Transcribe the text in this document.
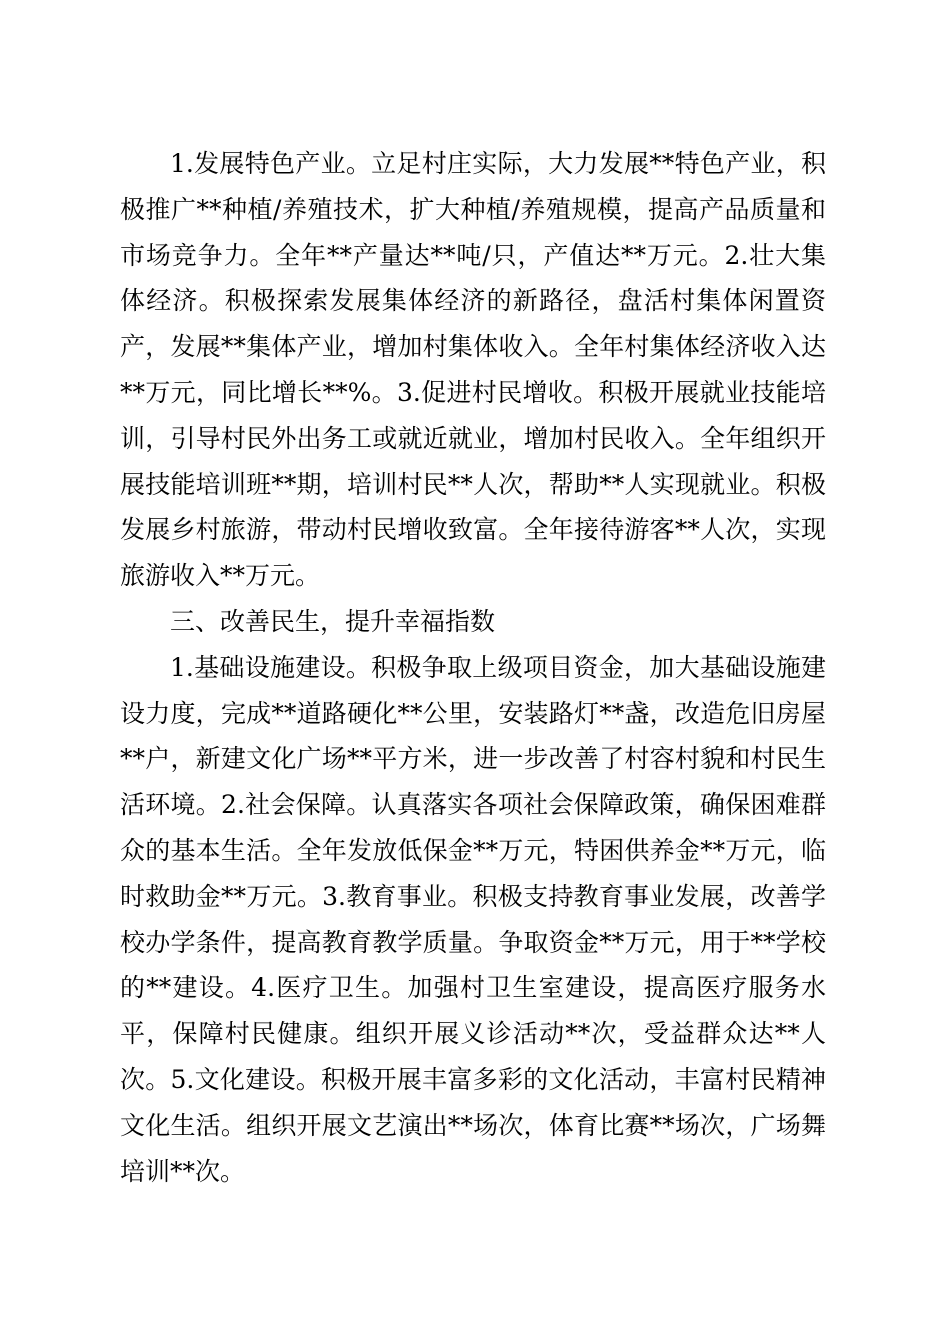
1.发展特色产业。立足村庄实际，大力发展**特色产业，积极推广**种植/养殖技术，扩大种植/养殖规模，提高产品质量和市场竞争力。全年**产量达**吨/只，产值达**万元。2.壮大集体经济。积极探索发展集体经济的新路径，盘活村集体闲置资产，发展**集体产业，增加村集体收入。全年村集体经济收入达**万元，同比增长**%。3.促进村民增收。积极开展就业技能培训，引导村民外出务工或就近就业，增加村民收入。全年组织开展技能培训班**期，培训村民**人次，帮助**人实现就业。积极发展乡村旅游，带动村民增收致富。全年接待游客**人次，实现旅游收入**万元。

三、改善民生，提升幸福指数

1.基础设施建设。积极争取上级项目资金，加大基础设施建设力度，完成**道路硬化**公里，安装路灯**盏，改造危旧房屋**户，新建文化广场**平方米，进一步改善了村容村貌和村民生活环境。2.社会保障。认真落实各项社会保障政策，确保困难群众的基本生活。全年发放低保金**万元，特困供养金**万元，临时救助金**万元。3.教育事业。积极支持教育事业发展，改善学校办学条件，提高教育教学质量。争取资金**万元，用于**学校的**建设。4.医疗卫生。加强村卫生室建设，提高医疗服务水平，保障村民健康。组织开展义诊活动**次，受益群众达**人次。5.文化建设。积极开展丰富多彩的文化活动，丰富村民精神文化生活。组织开展文艺演出**场次，体育比赛**场次，广场舞培训**次。
